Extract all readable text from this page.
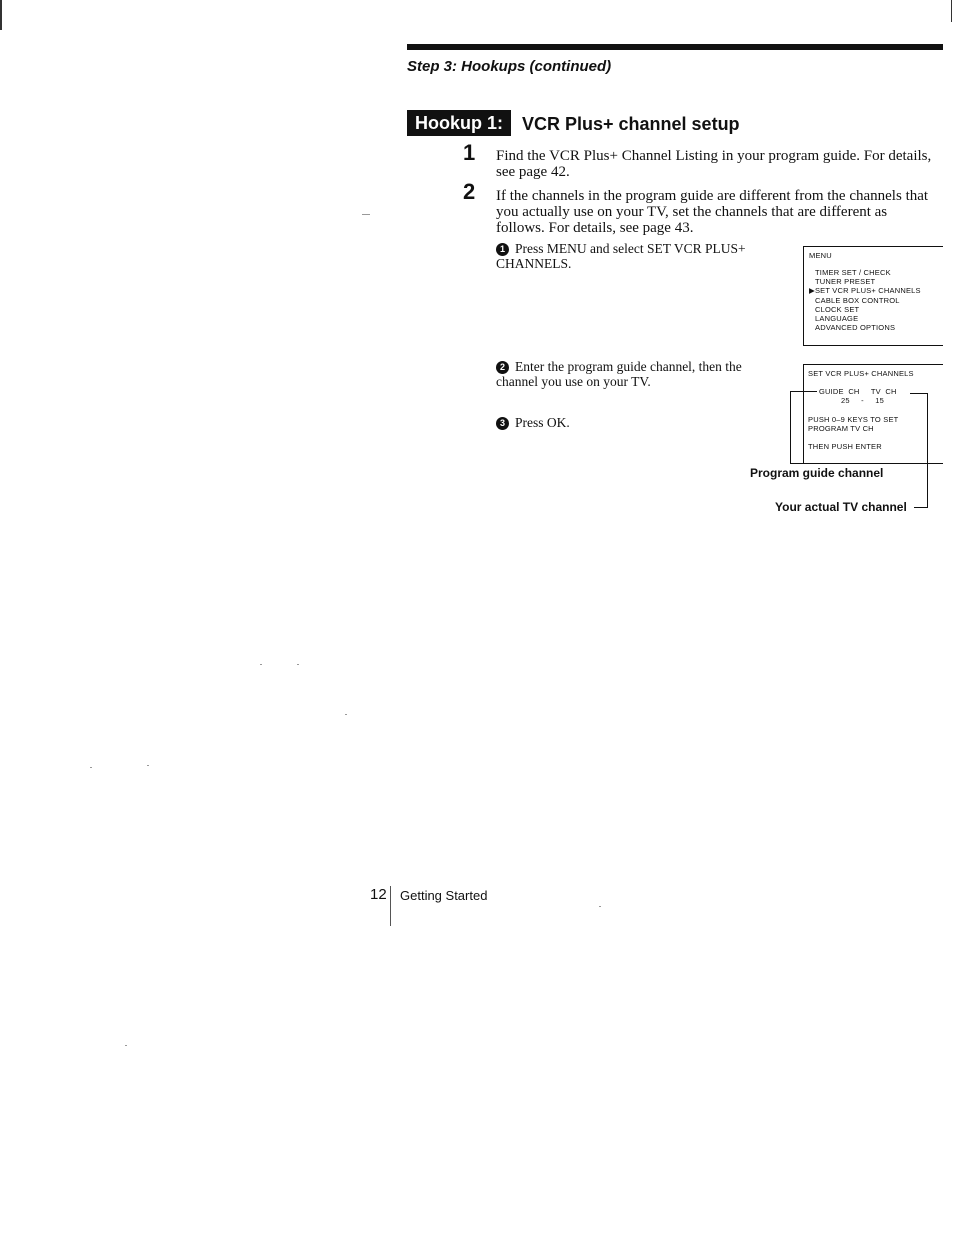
Step 3: Hookups (continued)
Hookup 1:	VCR Plus+ channel setup
1 Find the VCR Plus+ Channel Listing in your program guide. For details, see page 42.
2 If the channels in the program guide are different from the channels that you actually use on your TV, set the channels that are different as follows. For details, see page 43.
1 Press MENU and select SET VCR PLUS+ CHANNELS.
2 Enter the program guide channel, then the channel you use on your TV.
3 Press OK.
MENU
TIMER SET / CHECK
TUNER PRESET
▶SET VCR PLUS+ CHANNELS
CABLE BOX CONTROL
CLOCK SET
LANGUAGE
ADVANCED OPTIONS
SET VCR PLUS+ CHANNELS
GUIDE  CH     TV  CH
25     -     15
PUSH 0–9 KEYS TO SET
PROGRAM TV CH
THEN PUSH ENTER
Program guide channel
Your actual TV channel
12 Getting Started
